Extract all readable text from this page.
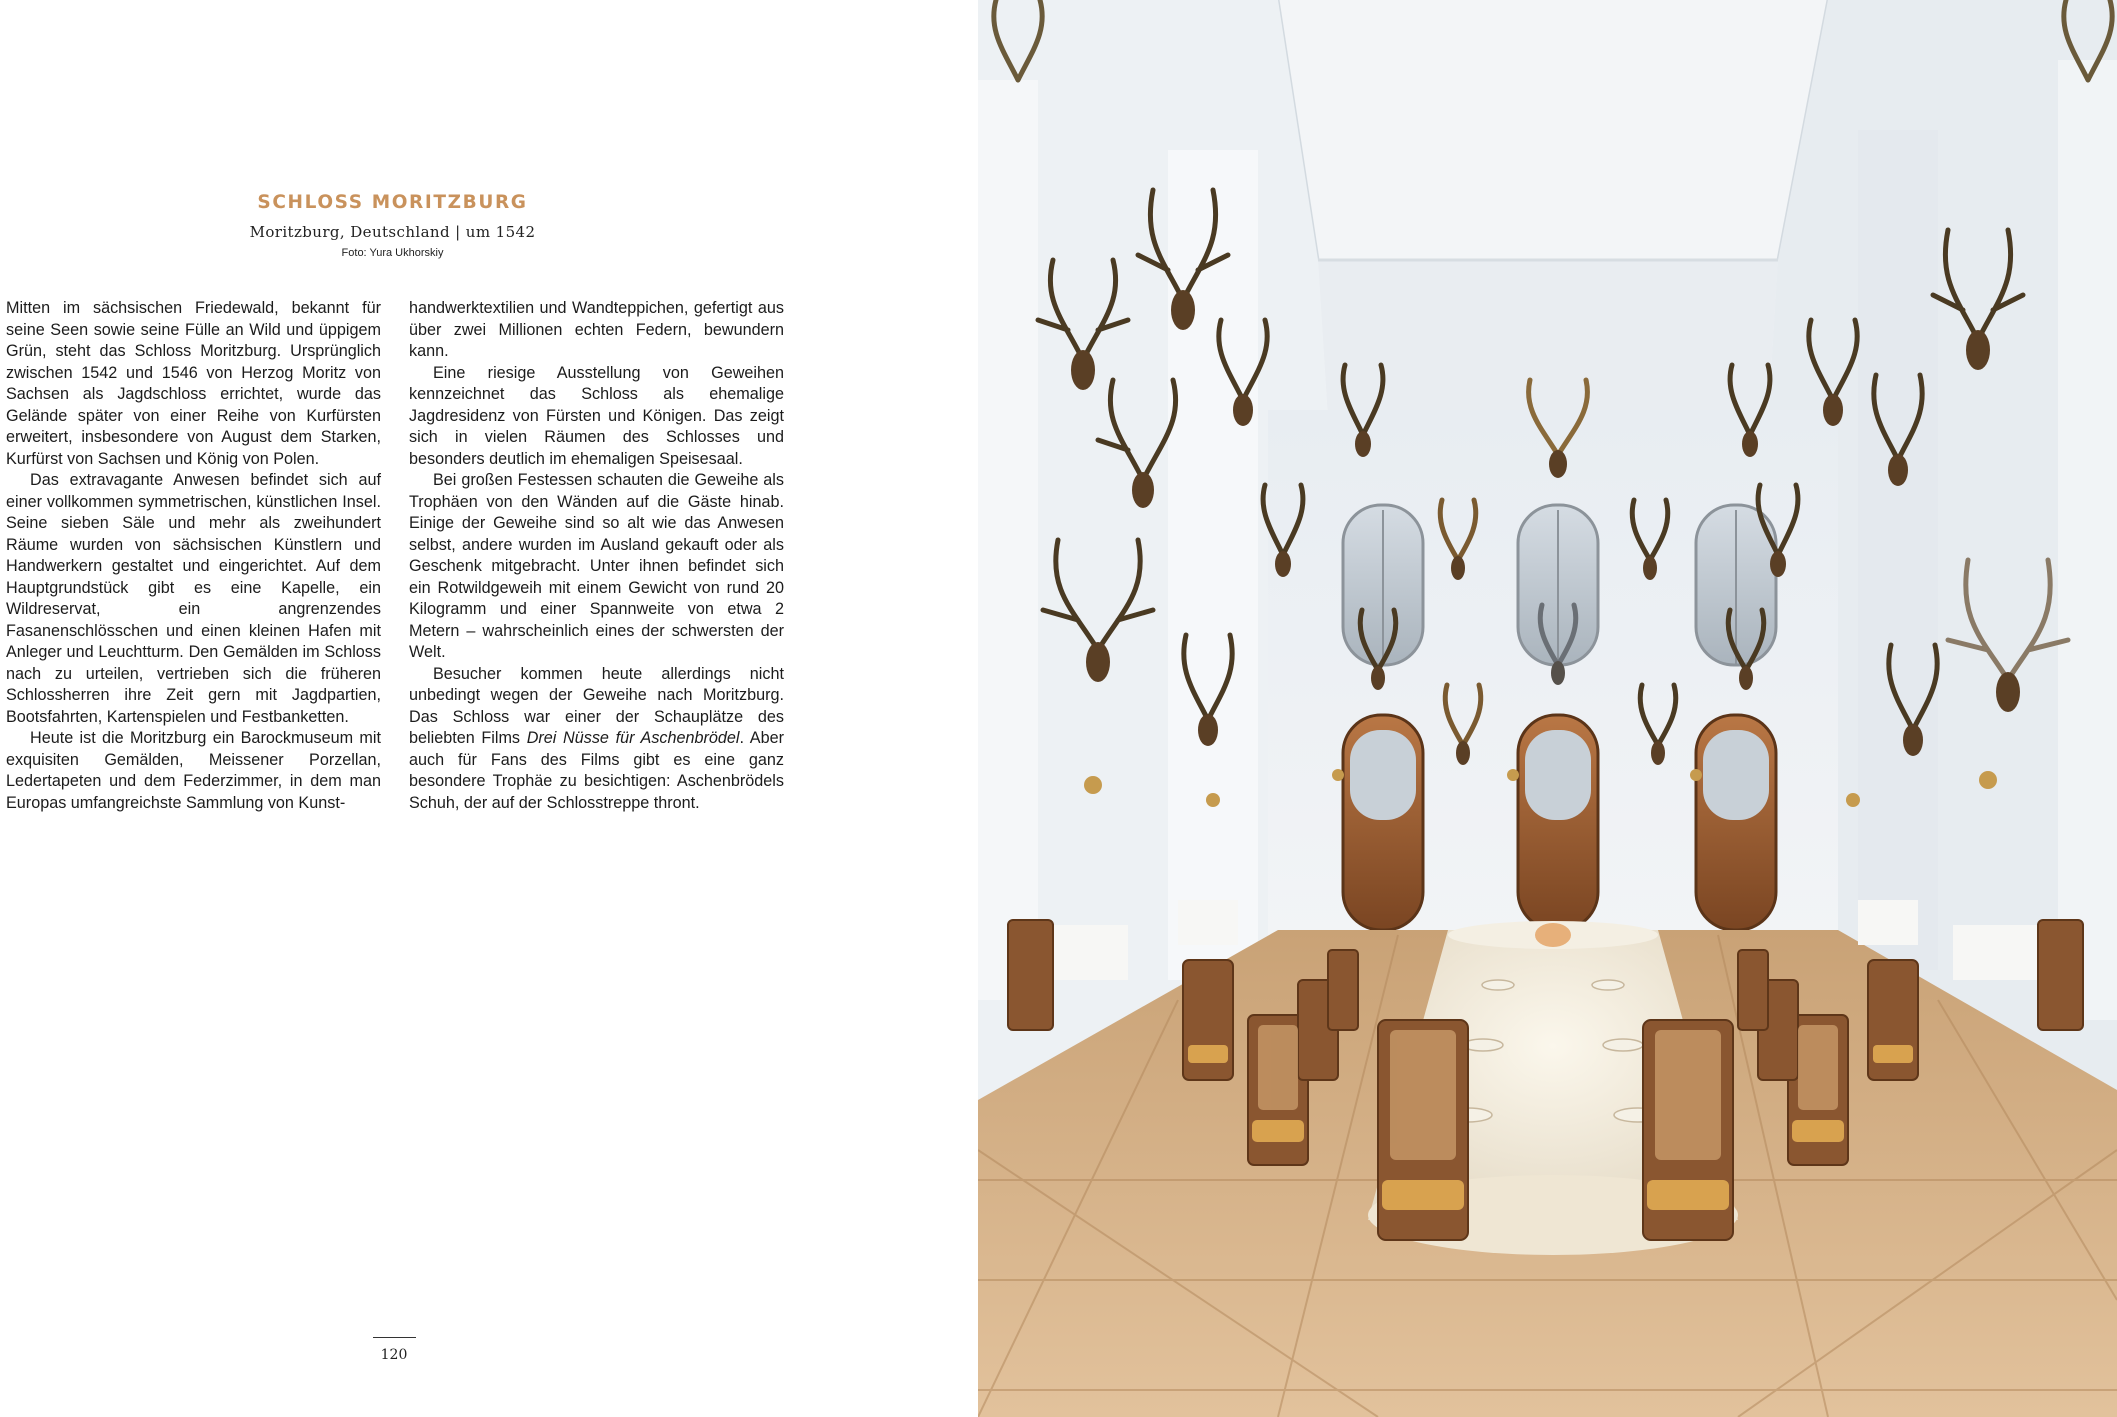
SCHLOSS MORITZBURG
Moritzburg, Deutschland | um 1542
Foto: Yura Ukhorskiy

Mitten im sächsischen Friedewald, bekannt für seine Seen sowie seine Fülle an Wild und üppigem Grün, steht das Schloss Moritzburg. Ursprünglich zwischen 1542 und 1546 von Herzog Moritz von Sachsen als Jagdschloss errichtet, wurde das Gelände später von einer Reihe von Kurfürsten erweitert, insbesondere von August dem Starken, Kurfürst von Sachsen und König von Polen.

Das extravagante Anwesen befindet sich auf einer vollkommen symmetrischen, künstlichen Insel. Seine sieben Säle und mehr als zweihundert Räume wurden von sächsischen Künstlern und Handwerkern gestaltet und eingerichtet. Auf dem Hauptgrundstück gibt es eine Kapelle, ein Wildreservat, ein angrenzendes Fasanenschlösschen und einen kleinen Hafen mit Anleger und Leuchtturm. Den Gemälden im Schloss nach zu urteilen, vertrieben sich die früheren Schlossherren ihre Zeit gern mit Jagdpartien, Bootsfahrten, Kartenspielen und Festbanketten.

Heute ist die Moritzburg ein Barockmuseum mit exquisiten Gemälden, Meissener Porzellan, Ledertapeten und dem Federzimmer, in dem man Europas umfangreichste Sammlung von Kunst-

handwerktextilien und Wandteppichen, gefertigt aus über zwei Millionen echten Federn, bewundern kann.

Eine riesige Ausstellung von Geweihen kennzeichnet das Schloss als ehemalige Jagdresidenz von Fürsten und Königen. Das zeigt sich in vielen Räumen des Schlosses und besonders deutlich im ehemaligen Speisesaal.

Bei großen Festessen schauten die Geweihe als Trophäen von den Wänden auf die Gäste hinab. Einige der Geweihe sind so alt wie das Anwesen selbst, andere wurden im Ausland gekauft oder als Geschenk mitgebracht. Unter ihnen befindet sich ein Rotwildgeweih mit einem Gewicht von rund 20 Kilogramm und einer Spannweite von etwa 2 Metern – wahrscheinlich eines der schwersten der Welt.

Besucher kommen heute allerdings nicht unbedingt wegen der Geweihe nach Moritzburg. Das Schloss war einer der Schauplätze des beliebten Films Drei Nüsse für Aschenbrödel. Aber auch für Fans des Films gibt es eine ganz besondere Trophäe zu besichtigen: Aschenbrödels Schuh, der auf der Schlosstreppe thront.

120
